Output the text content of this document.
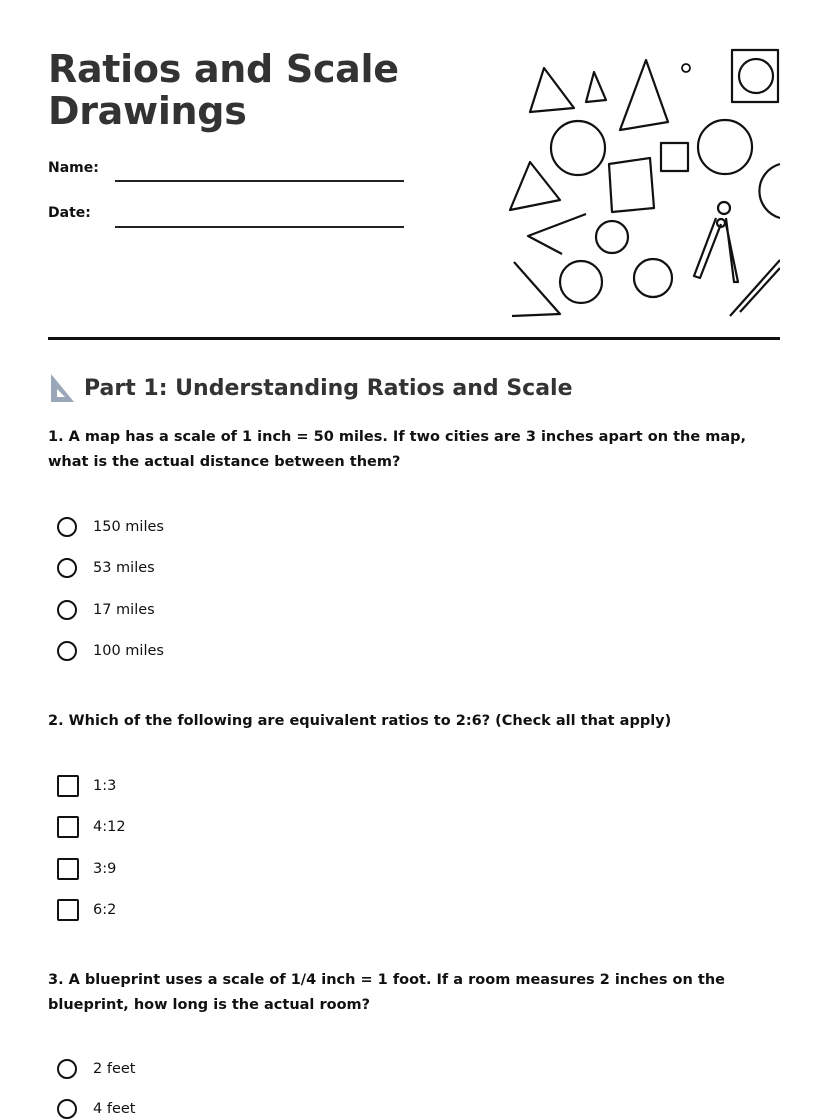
Ratios and Scale
Drawings
Name:
Date:
Part 1: Understanding Ratios and Scale
1. A map has a scale of 1 inch = 50 miles. If two cities are 3 inches apart on the map, what is the actual distance between them?
150 miles
53 miles
17 miles
100 miles
2. Which of the following are equivalent ratios to 2:6? (Check all that apply)
1:3
4:12
3:9
6:2
3. A blueprint uses a scale of 1/4 inch = 1 foot. If a room measures 2 inches on the blueprint, how long is the actual room?
2 feet
4 feet
